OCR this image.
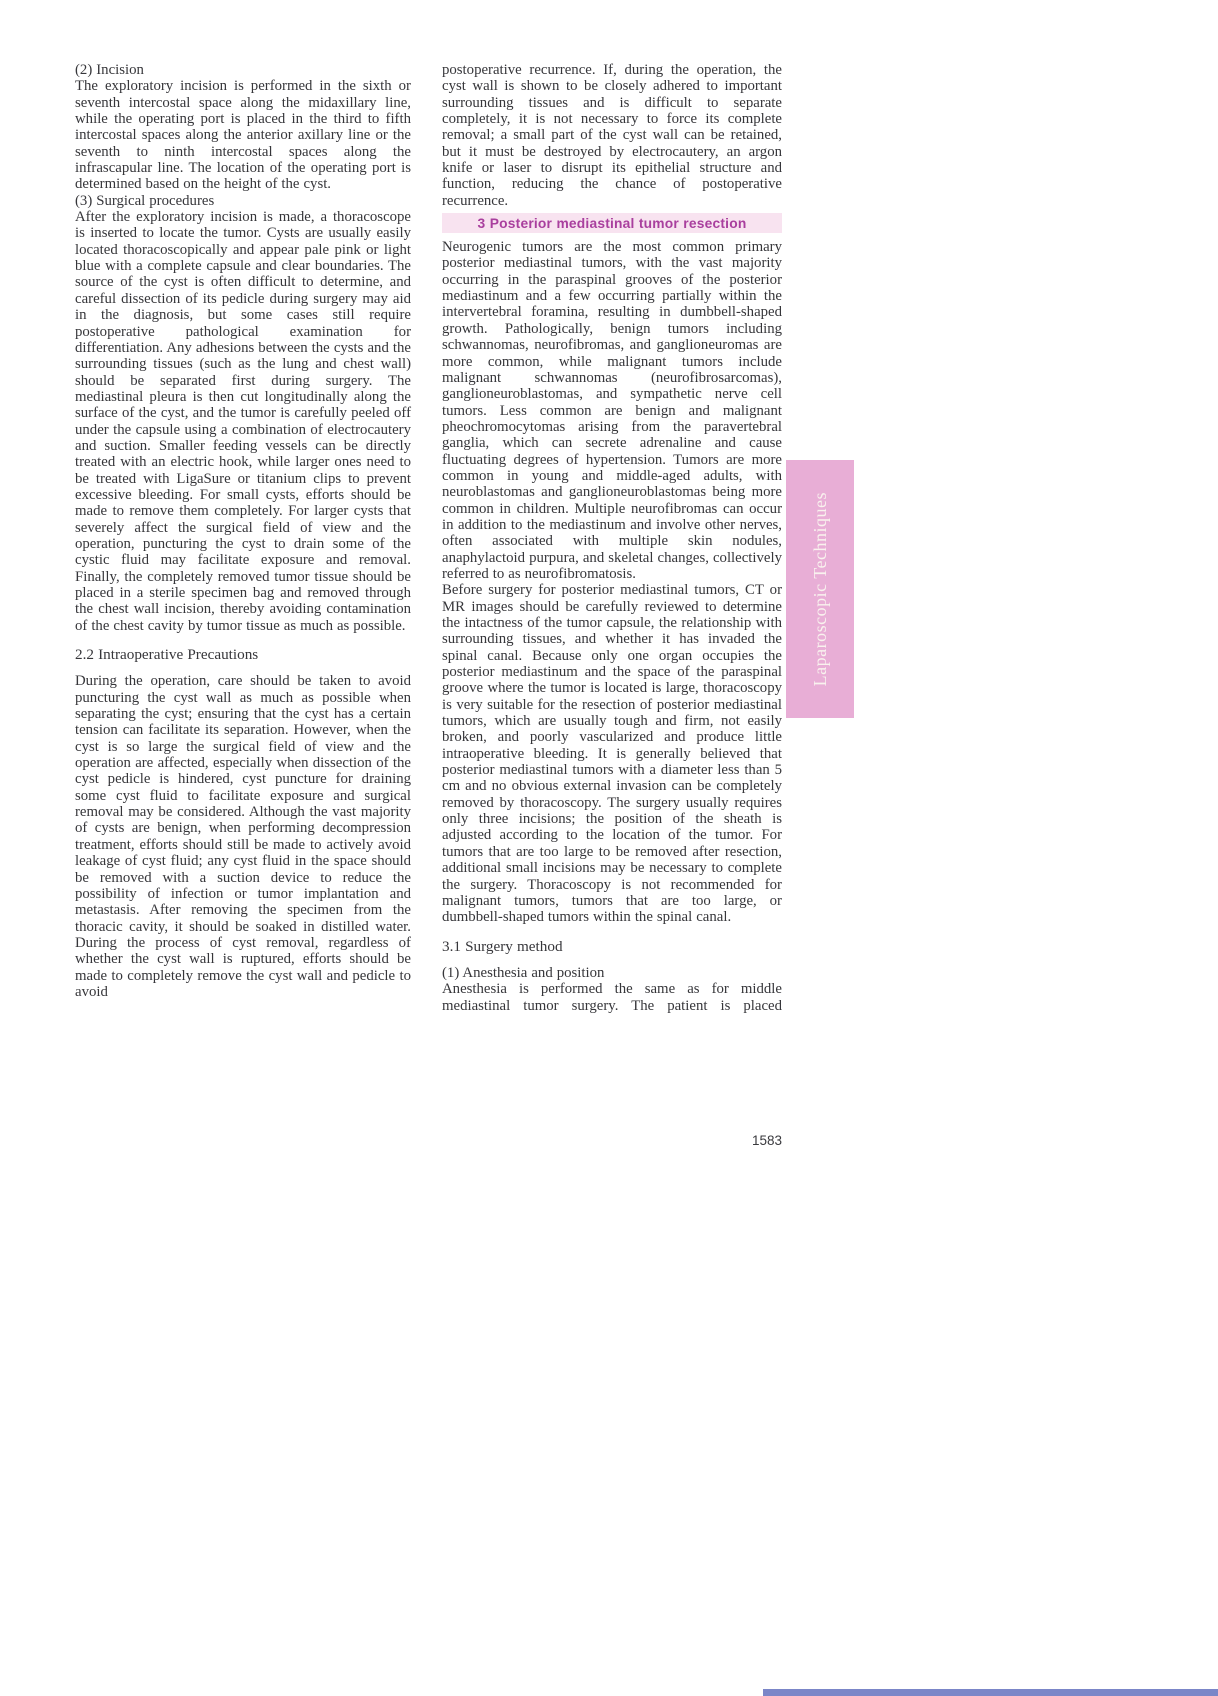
(2) Incision
The exploratory incision is performed in the sixth or seventh intercostal space along the midaxillary line, while the operating port is placed in the third to fifth intercostal spaces along the anterior axillary line or the seventh to ninth intercostal spaces along the infrascapular line. The location of the operating port is determined based on the height of the cyst.
(3) Surgical procedures
After the exploratory incision is made, a thoracoscope is inserted to locate the tumor. Cysts are usually easily located thoracoscopically and appear pale pink or light blue with a complete capsule and clear boundaries. The source of the cyst is often difficult to determine, and careful dissection of its pedicle during surgery may aid in the diagnosis, but some cases still require postoperative pathological examination for differentiation. Any adhesions between the cysts and the surrounding tissues (such as the lung and chest wall) should be separated first during surgery. The mediastinal pleura is then cut longitudinally along the surface of the cyst, and the tumor is carefully peeled off under the capsule using a combination of electrocautery and suction. Smaller feeding vessels can be directly treated with an electric hook, while larger ones need to be treated with LigaSure or titanium clips to prevent excessive bleeding. For small cysts, efforts should be made to remove them completely. For larger cysts that severely affect the surgical field of view and the operation, puncturing the cyst to drain some of the cystic fluid may facilitate exposure and removal. Finally, the completely removed tumor tissue should be placed in a sterile specimen bag and removed through the chest wall incision, thereby avoiding contamination of the chest cavity by tumor tissue as much as possible.
2.2 Intraoperative Precautions
During the operation, care should be taken to avoid puncturing the cyst wall as much as possible when separating the cyst; ensuring that the cyst has a certain tension can facilitate its separation. However, when the cyst is so large the surgical field of view and the operation are affected, especially when dissection of the cyst pedicle is hindered, cyst puncture for draining some cyst fluid to facilitate exposure and surgical removal may be considered. Although the vast majority of cysts are benign, when performing decompression treatment, efforts should still be made to actively avoid leakage of cyst fluid; any cyst fluid in the space should be removed with a suction device to reduce the possibility of infection or tumor implantation and metastasis. After removing the specimen from the thoracic cavity, it should be soaked in distilled water. During the process of cyst removal, regardless of whether the cyst wall is ruptured, efforts should be made to completely remove the cyst wall and pedicle to avoid
postoperative recurrence. If, during the operation, the cyst wall is shown to be closely adhered to important surrounding tissues and is difficult to separate completely, it is not necessary to force its complete removal; a small part of the cyst wall can be retained, but it must be destroyed by electrocautery, an argon knife or laser to disrupt its epithelial structure and function, reducing the chance of postoperative recurrence.
3 Posterior mediastinal tumor resection
Neurogenic tumors are the most common primary posterior mediastinal tumors, with the vast majority occurring in the paraspinal grooves of the posterior mediastinum and a few occurring partially within the intervertebral foramina, resulting in dumbbell-shaped growth. Pathologically, benign tumors including schwannomas, neurofibromas, and ganglioneuromas are more common, while malignant tumors include malignant schwannomas (neurofibrosarcomas), ganglioneuroblastomas, and sympathetic nerve cell tumors. Less common are benign and malignant pheochromocytomas arising from the paravertebral ganglia, which can secrete adrenaline and cause fluctuating degrees of hypertension. Tumors are more common in young and middle-aged adults, with neuroblastomas and ganglioneuroblastomas being more common in children. Multiple neurofibromas can occur in addition to the mediastinum and involve other nerves, often associated with multiple skin nodules, anaphylactoid purpura, and skeletal changes, collectively referred to as neurofibromatosis.
Before surgery for posterior mediastinal tumors, CT or MR images should be carefully reviewed to determine the intactness of the tumor capsule, the relationship with surrounding tissues, and whether it has invaded the spinal canal. Because only one organ occupies the posterior mediastinum and the space of the paraspinal groove where the tumor is located is large, thoracoscopy is very suitable for the resection of posterior mediastinal tumors, which are usually tough and firm, not easily broken, and poorly vascularized and produce little intraoperative bleeding. It is generally believed that posterior mediastinal tumors with a diameter less than 5 cm and no obvious external invasion can be completely removed by thoracoscopy. The surgery usually requires only three incisions; the position of the sheath is adjusted according to the location of the tumor. For tumors that are too large to be removed after resection, additional small incisions may be necessary to complete the surgery. Thoracoscopy is not recommended for malignant tumors, tumors that are too large, or dumbbell-shaped tumors within the spinal canal.
3.1 Surgery method
(1) Anesthesia and position
Anesthesia is performed the same as for middle mediastinal tumor surgery. The patient is placed
Laparoscopic Techniques
1583
